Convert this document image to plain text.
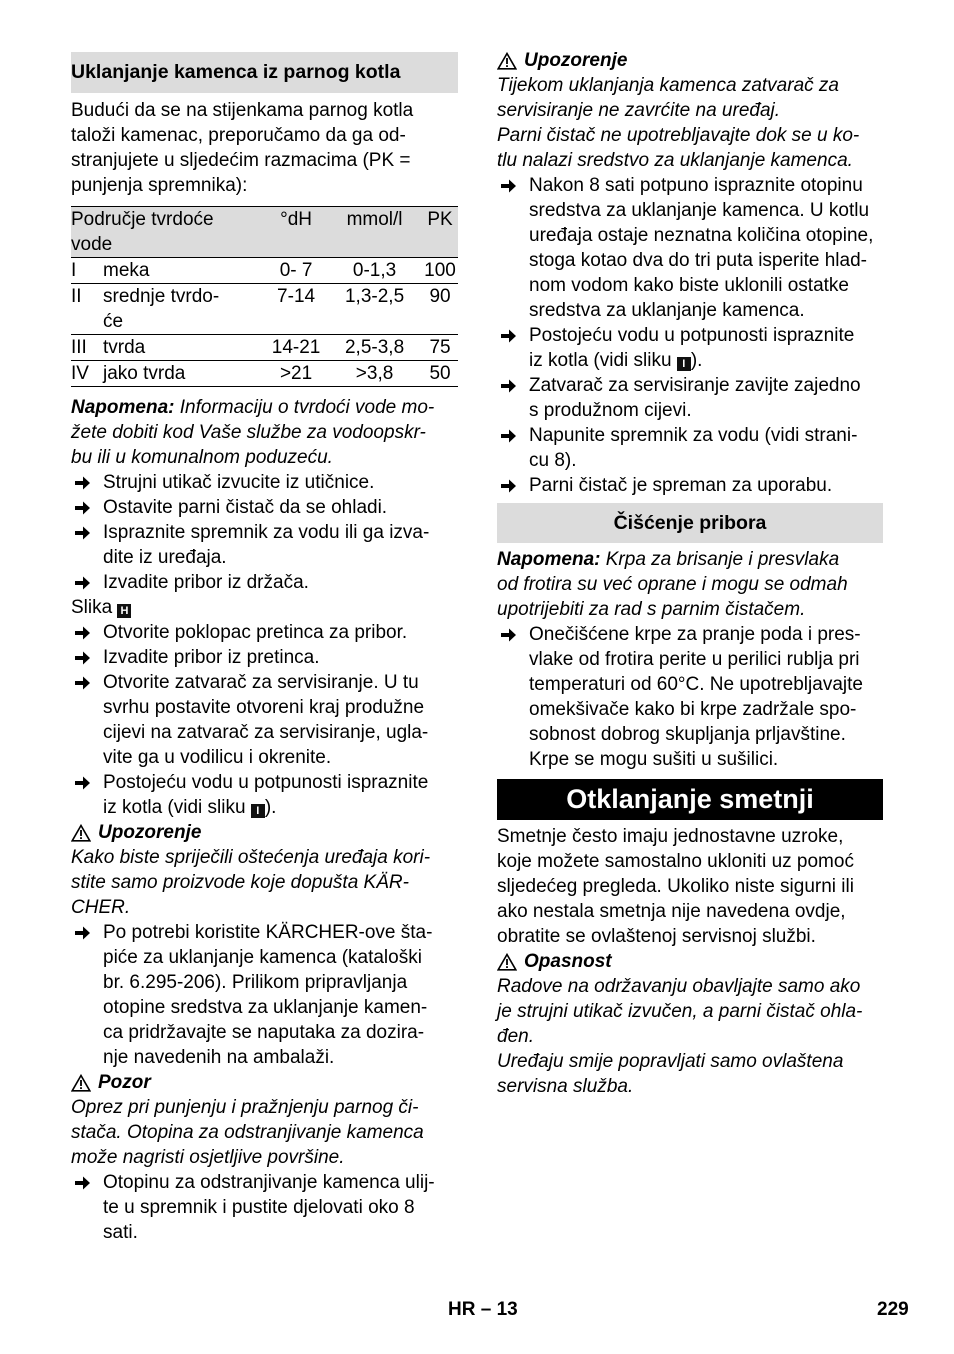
Uklanjanje kamenca iz parnog kotla
Budući da se na stijenkama parnog kotla
taloži kamenac, preporučamo da ga od-
stranjujete u sljedećim razmacima (PK =
punjenja spremnika):
Područje tvrdoće
vode		°dH	mmol/l	PK
I	meka	0- 7	0-1,3	100
II	srednje tvrdo-
će	7-14	1,3-2,5	90
III	tvrda	14-21	2,5-3,8	75
IV	jako tvrda	>21	>3,8	50
Napomena: Informaciju o tvrdoći vode mo-
žete dobiti kod Vaše službe za vodoopskr-
bu ili u komunalnom poduzeću.
Strujni utikač izvucite iz utičnice.
Ostavite parni čistač da se ohladi.
Ispraznite spremnik za vodu ili ga izva-
dite iz uređaja.
Izvadite pribor iz držača.
Slika H
Otvorite poklopac pretinca za pribor.
Izvadite pribor iz pretinca.
Otvorite zatvarač za servisiranje. U tu
svrhu postavite otvoreni kraj produžne
cijevi na zatvarač za servisiranje, ugla-
vite ga u vodilicu i okrenite.
Postojeću vodu u potpunosti ispraznite
iz kotla (vidi sliku I ).
Upozorenje
Kako biste spriječili oštećenja uređaja kori-
stite samo proizvode koje dopušta KÄR-
CHER.
Po potrebi koristite KÄRCHER-ove šta-
piće za uklanjanje kamenca (kataloški
br. 6.295-206). Prilikom pripravljanja
otopine sredstva za uklanjanje kamen-
ca pridržavajte se naputaka za dozira-
nje navedenih na ambalaži.
Pozor
Oprez pri punjenju i pražnjenju parnog či-
stača. Otopina za odstranjivanje kamenca
može nagristi osjetljive površine.
Otopinu za odstranjivanje kamenca ulij-
te u spremnik i pustite djelovati oko 8
sati.
Upozorenje
Tijekom uklanjanja kamenca zatvarač za
servisiranje ne zavrćite na uređaj.
Parni čistač ne upotrebljavajte dok se u ko-
tlu nalazi sredstvo za uklanjanje kamenca.
Nakon 8 sati potpuno ispraznite otopinu
sredstva za uklanjanje kamenca. U kotlu
uređaja ostaje neznatna količina otopine,
stoga kotao dva do tri puta isperite hlad-
nom vodom kako biste uklonili ostatke
sredstva za uklanjanje kamenca.
Postojeću vodu u potpunosti ispraznite
iz kotla (vidi sliku I ).
Zatvarač za servisiranje zavijte zajedno
s produžnom cijevi.
Napunite spremnik za vodu (vidi strani-
cu 8).
Parni čistač je spreman za uporabu.
Čišćenje pribora
Napomena: Krpa za brisanje i presvlaka
od frotira su već oprane i mogu se odmah
upotrijebiti za rad s parnim čistačem.
Onečišćene krpe za pranje poda i pres-
vlake od frotira perite u perilici rublja pri
temperaturi od 60°C. Ne upotrebljavajte
omekšivače kako bi krpe zadržale spo-
sobnost dobrog skupljanja prljavštine.
Krpe se mogu sušiti u sušilici.
Otklanjanje smetnji
Smetnje često imaju jednostavne uzroke,
koje možete samostalno ukloniti uz pomoć
sljedećeg pregleda. Ukoliko niste sigurni ili
ako nestala smetnja nije navedena ovdje,
obratite se ovlaštenoj servisnoj službi.
Opasnost
Radove na održavanju obavljajte samo ako
je strujni utikač izvučen, a parni čistač ohla-
đen.
Uređaju smije popravljati samo ovlaštena
servisna služba.
HR – 13	229
